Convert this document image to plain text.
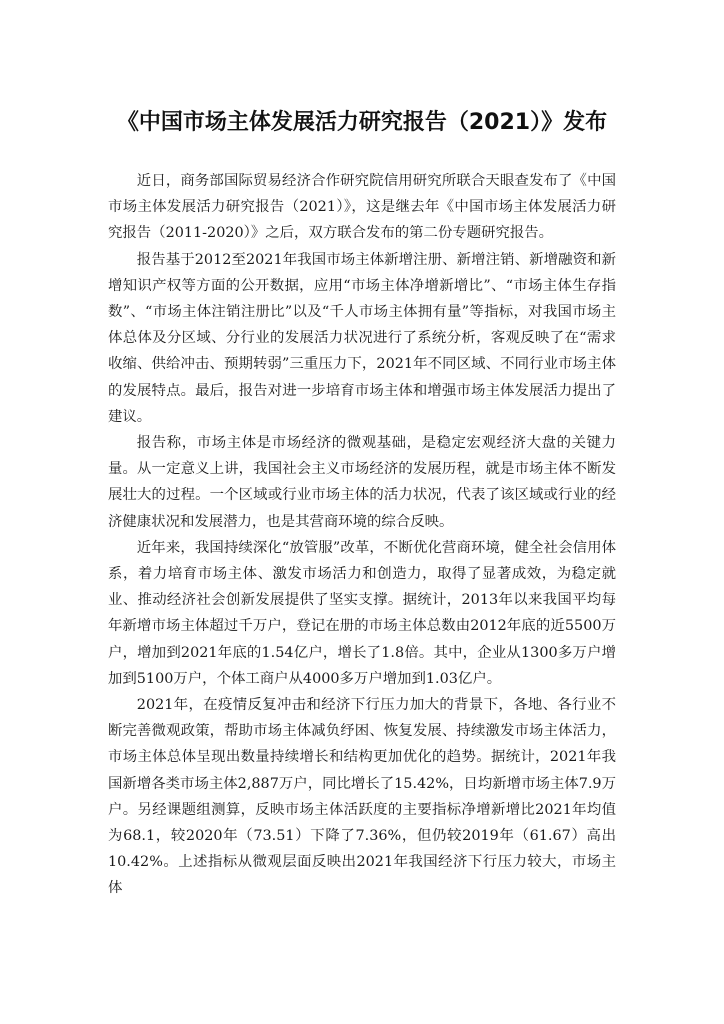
《中国市场主体发展活力研究报告（2021）》发布

近日，商务部国际贸易经济合作研究院信用研究所联合天眼查发布了《中国市场主体发展活力研究报告（2021）》，这是继去年《中国市场主体发展活力研究报告（2011-2020）》之后，双方联合发布的第二份专题研究报告。

报告基于2012至2021年我国市场主体新增注册、新增注销、新增融资和新增知识产权等方面的公开数据，应用“市场主体净增新增比”、“市场主体生存指数”、“市场主体注销注册比”以及“千人市场主体拥有量”等指标，对我国市场主体总体及分区域、分行业的发展活力状况进行了系统分析，客观反映了在“需求收缩、供给冲击、预期转弱”三重压力下，2021年不同区域、不同行业市场主体的发展特点。最后，报告对进一步培育市场主体和增强市场主体发展活力提出了建议。

报告称，市场主体是市场经济的微观基础，是稳定宏观经济大盘的关键力量。从一定意义上讲，我国社会主义市场经济的发展历程，就是市场主体不断发展壮大的过程。一个区域或行业市场主体的活力状况，代表了该区域或行业的经济健康状况和发展潜力，也是其营商环境的综合反映。

近年来，我国持续深化“放管服”改革，不断优化营商环境，健全社会信用体系，着力培育市场主体、激发市场活力和创造力，取得了显著成效，为稳定就业、推动经济社会创新发展提供了坚实支撑。据统计，2013年以来我国平均每年新增市场主体超过千万户，登记在册的市场主体总数由2012年底的近5500万户，增加到2021年底的1.54亿户，增长了1.8倍。其中，企业从1300多万户增加到5100万户，个体工商户从4000多万户增加到1.03亿户。

2021年，在疫情反复冲击和经济下行压力加大的背景下，各地、各行业不断完善微观政策，帮助市场主体减负纾困、恢复发展、持续激发市场主体活力，市场主体总体呈现出数量持续增长和结构更加优化的趋势。据统计，2021年我国新增各类市场主体2,887万户，同比增长了15.42%，日均新增市场主体7.9万户。另经课题组测算，反映市场主体活跃度的主要指标净增新增比2021年均值为68.1，较2020年（73.51）下降了7.36%，但仍较2019年（61.67）高出10.42%。上述指标从微观层面反映出2021年我国经济下行压力较大，市场主体
